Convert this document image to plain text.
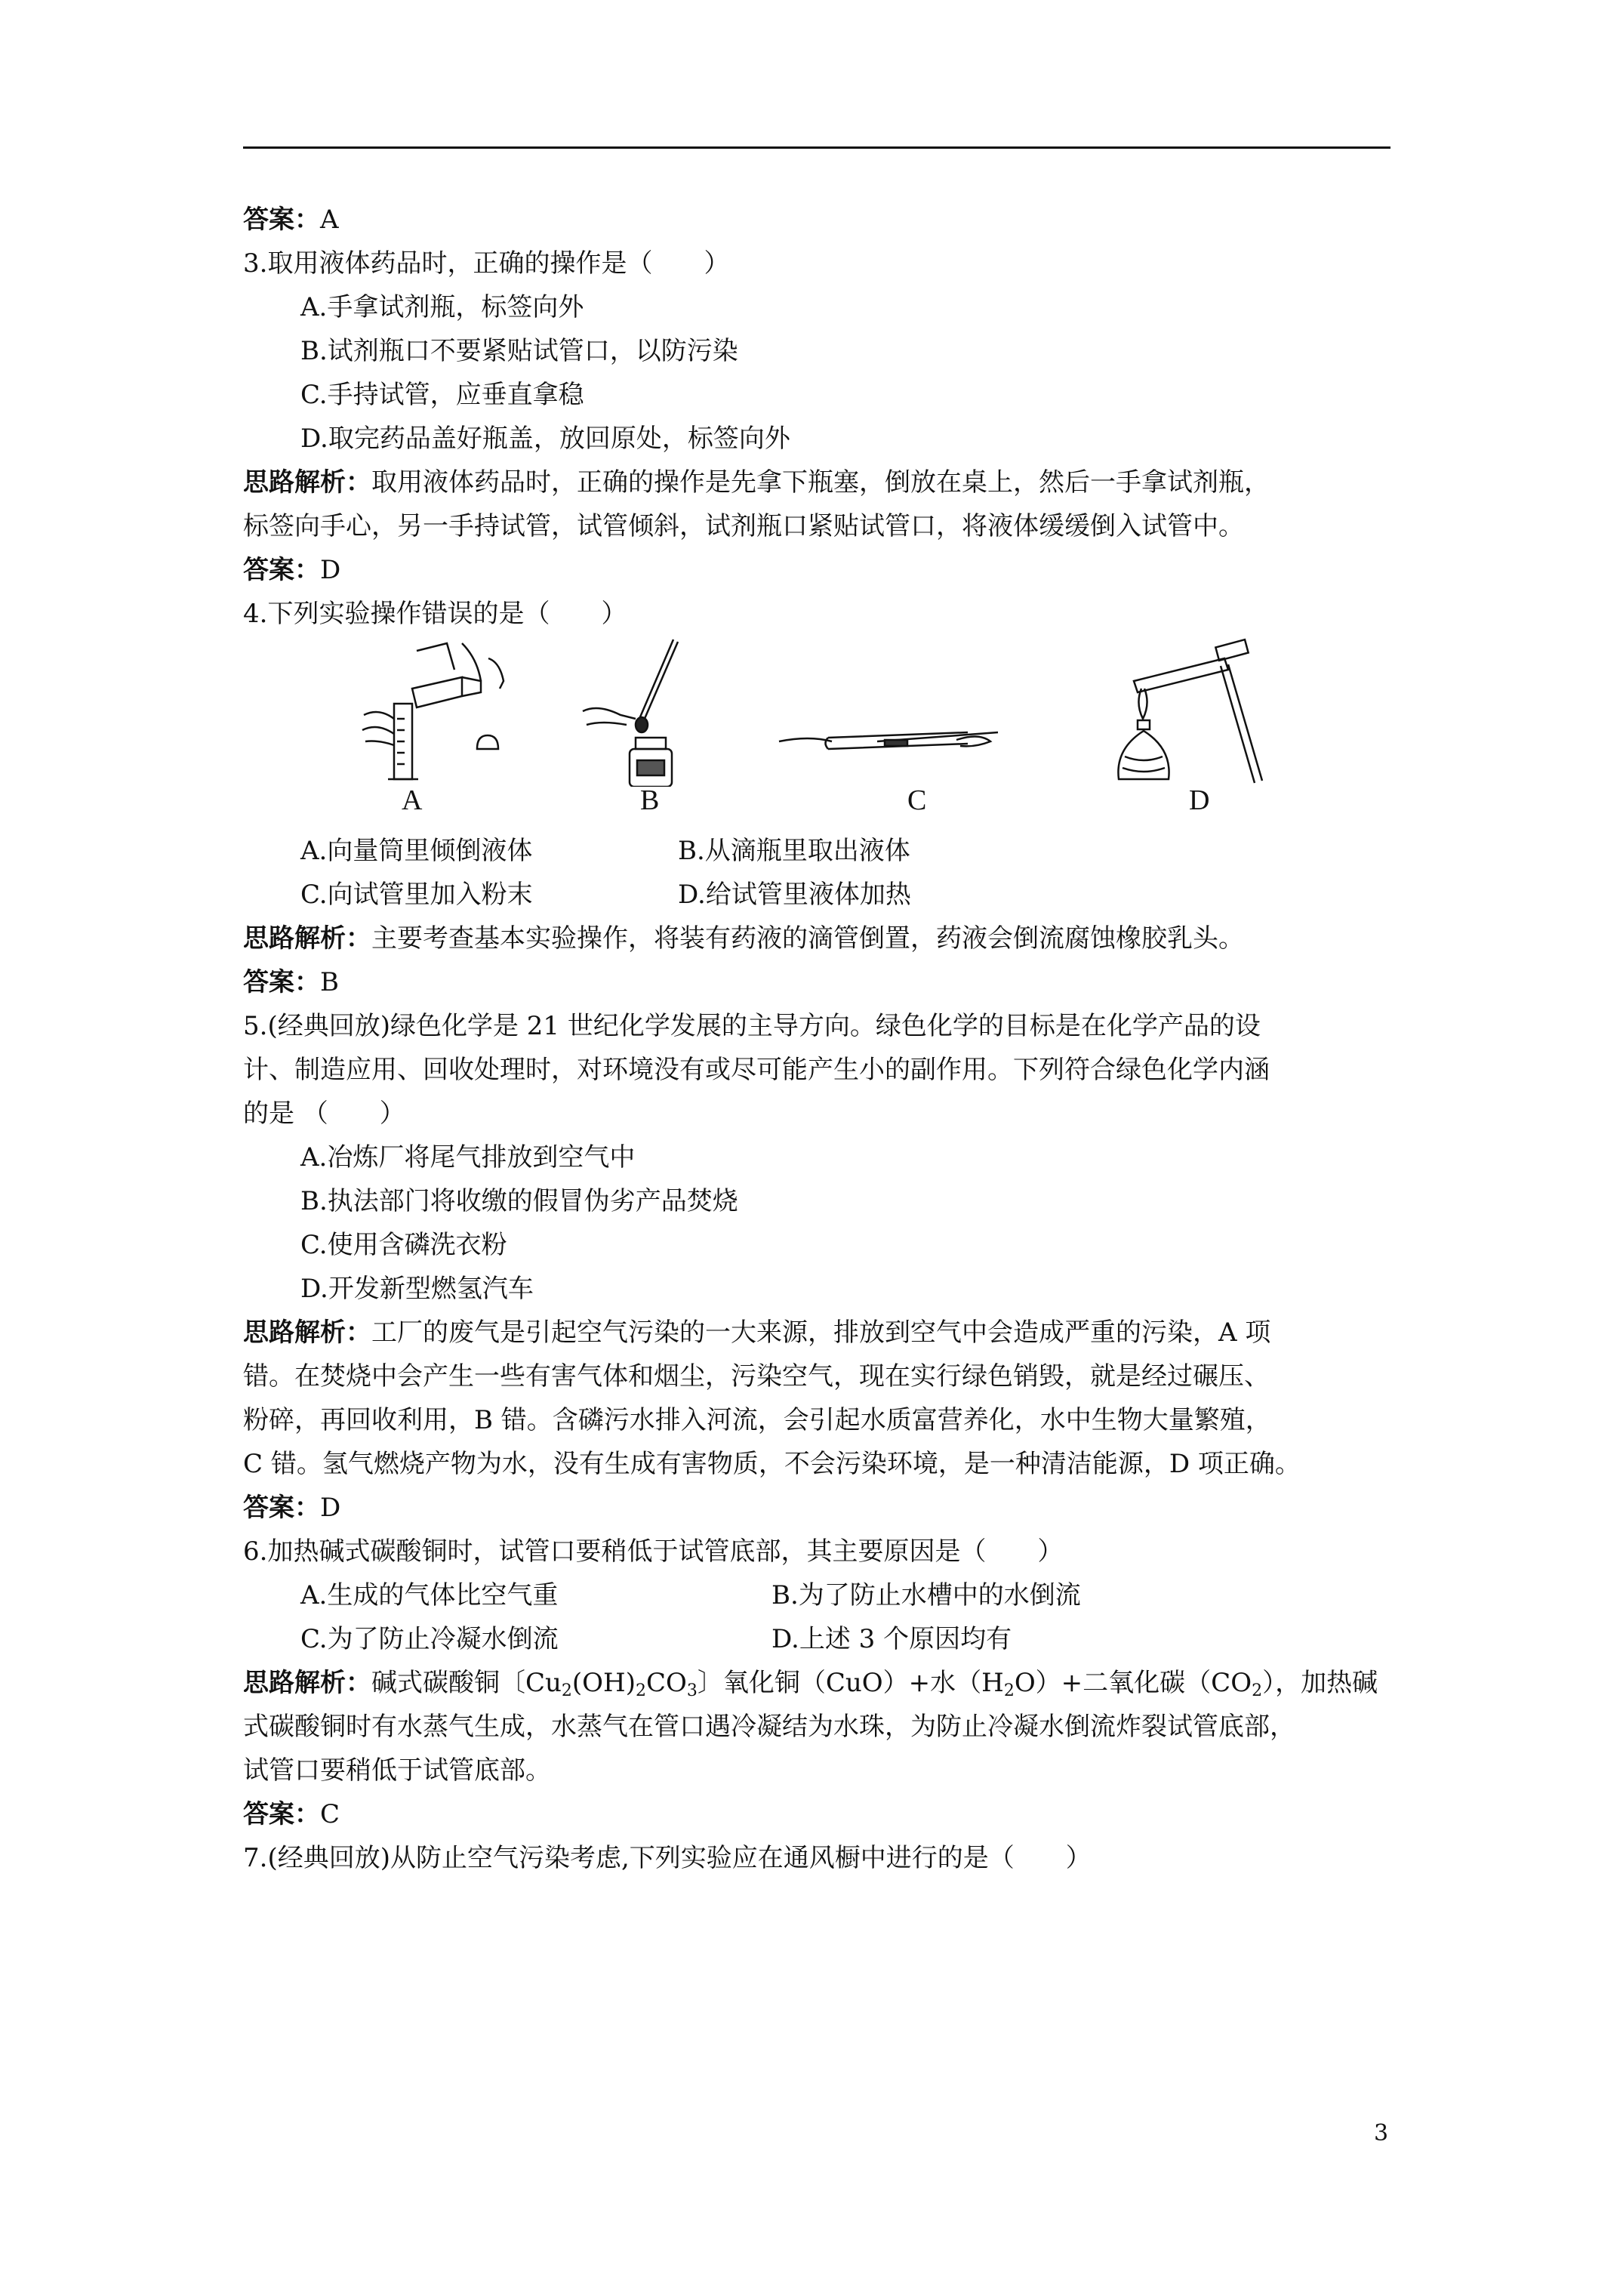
答案：A
3.取用液体药品时，正确的操作是（　　）
A.手拿试剂瓶，标签向外
B.试剂瓶口不要紧贴试管口，以防污染
C.手持试管，应垂直拿稳
D.取完药品盖好瓶盖，放回原处，标签向外
思路解析：取用液体药品时，正确的操作是先拿下瓶塞，倒放在桌上，然后一手拿试剂瓶，
标签向手心，另一手持试管，试管倾斜，试剂瓶口紧贴试管口，将液体缓缓倒入试管中。
答案：D
4.下列实验操作错误的是（　　）
A	B	C	D
A.向量筒里倾倒液体	B.从滴瓶里取出液体
C.向试管里加入粉末	D.给试管里液体加热
思路解析：主要考查基本实验操作，将装有药液的滴管倒置，药液会倒流腐蚀橡胶乳头。
答案：B
5.(经典回放)绿色化学是 21 世纪化学发展的主导方向。绿色化学的目标是在化学产品的设
计、制造应用、回收处理时，对环境没有或尽可能产生小的副作用。下列符合绿色化学内涵
的是 （　　）
A.冶炼厂将尾气排放到空气中
B.执法部门将收缴的假冒伪劣产品焚烧
C.使用含磷洗衣粉
D.开发新型燃氢汽车
思路解析：工厂的废气是引起空气污染的一大来源，排放到空气中会造成严重的污染，A 项
错。在焚烧中会产生一些有害气体和烟尘，污染空气，现在实行绿色销毁，就是经过碾压、
粉碎，再回收利用，B 错。含磷污水排入河流，会引起水质富营养化，水中生物大量繁殖，
C 错。氢气燃烧产物为水，没有生成有害物质，不会污染环境，是一种清洁能源，D 项正确。
答案：D
6.加热碱式碳酸铜时，试管口要稍低于试管底部，其主要原因是（　　）
A.生成的气体比空气重	B.为了防止水槽中的水倒流
C.为了防止冷凝水倒流	D.上述 3 个原因均有
思路解析：碱式碳酸铜〔$Cu_2(OH)_2CO_3$〕氧化铜（CuO）+水$(H_2O)+$二氧化碳$(CO_2)$，加热碱
式碳酸铜时有水蒸气生成，水蒸气在管口遇冷凝结为水珠，为防止冷凝水倒流炸裂试管底部，
试管口要稍低于试管底部。
答案：C
7.(经典回放)从防止空气污染考虑,下列实验应在通风橱中进行的是（　　）
3
